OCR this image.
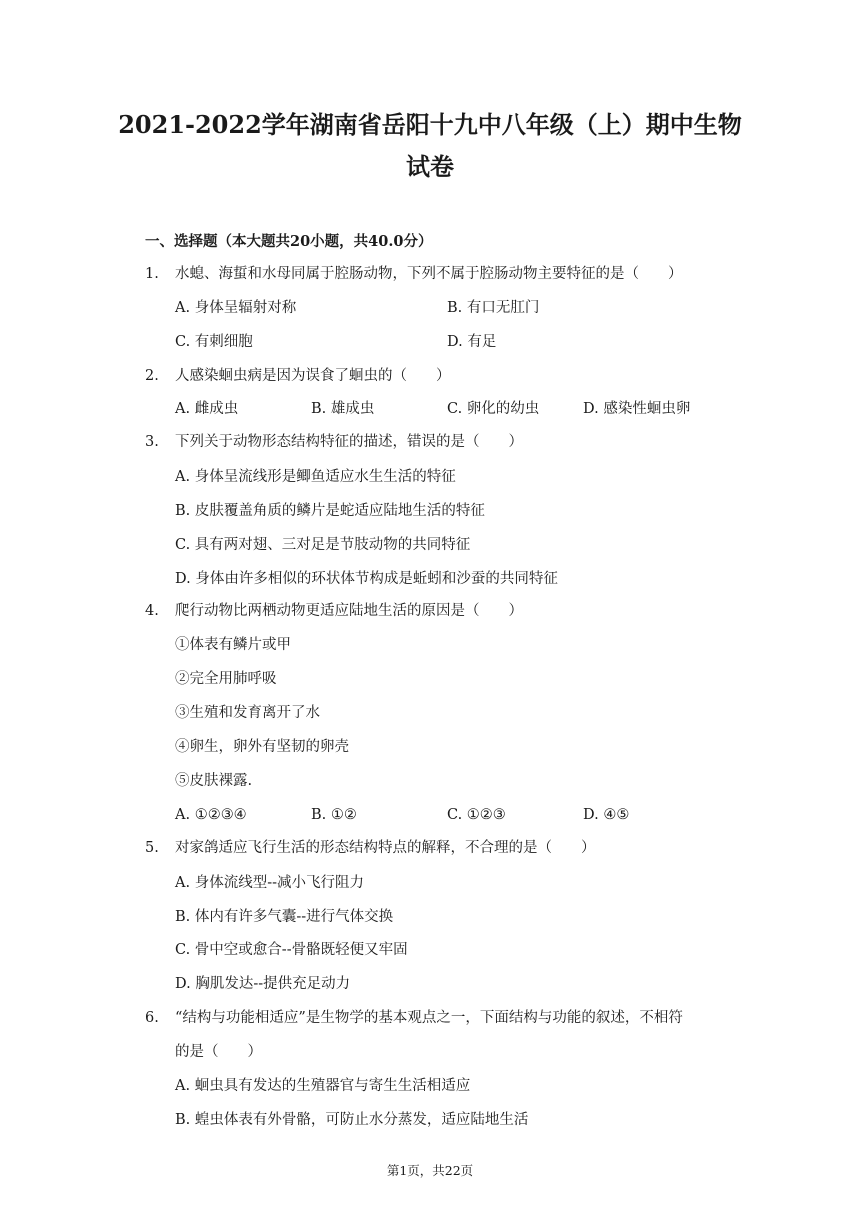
2021-2022学年湖南省岳阳十九中八年级（上）期中生物
试卷
一、选择题（本大题共20小题，共40.0分）
1. 水螅、海蜇和水母同属于腔肠动物，下列不属于腔肠动物主要特征的是（　　）
A. 身体呈辐射对称	B. 有口无肛门
C. 有刺细胞	D. 有足
2. 人感染蛔虫病是因为误食了蛔虫的（　　）
A. 雌成虫	B. 雄成虫	C. 卵化的幼虫	D. 感染性蛔虫卵
3. 下列关于动物形态结构特征的描述，错误的是（　　）
A. 身体呈流线形是鲫鱼适应水生生活的特征
B. 皮肤覆盖角质的鳞片是蛇适应陆地生活的特征
C. 具有两对翅、三对足是节肢动物的共同特征
D. 身体由许多相似的环状体节构成是蚯蚓和沙蚕的共同特征
4. 爬行动物比两栖动物更适应陆地生活的原因是（　　）
①体表有鳞片或甲
②完全用肺呼吸
③生殖和发育离开了水
④卵生，卵外有坚韧的卵壳
⑤皮肤裸露.
A. ①②③④	B. ①②	C. ①②③	D. ④⑤
5. 对家鸽适应飞行生活的形态结构特点的解释，不合理的是（　　）
A. 身体流线型--减小飞行阻力
B. 体内有许多气囊--进行气体交换
C. 骨中空或愈合--骨骼既轻便又牢固
D. 胸肌发达--提供充足动力
6. “结构与功能相适应”是生物学的基本观点之一，下面结构与功能的叙述，不相符
的是（　　）
A. 蛔虫具有发达的生殖器官与寄生生活相适应
B. 蝗虫体表有外骨骼，可防止水分蒸发，适应陆地生活
第1页，共22页
